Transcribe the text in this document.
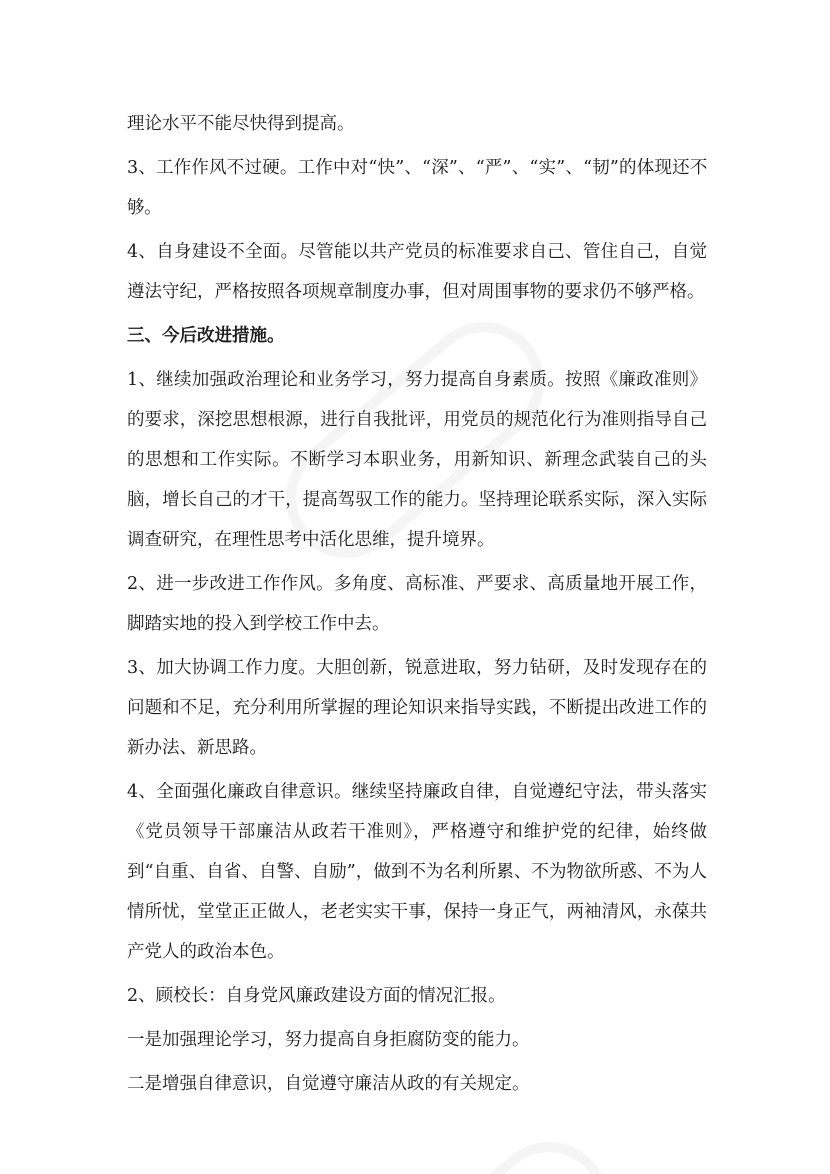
理论水平不能尽快得到提高。

3、工作作风不过硬。工作中对“快”、“深”、“严”、“实”、“韧”的体现还不够。

4、自身建设不全面。尽管能以共产党员的标准要求自己、管住自己，自觉遵法守纪，严格按照各项规章制度办事，但对周围事物的要求仍不够严格。

三、今后改进措施。

1、继续加强政治理论和业务学习，努力提高自身素质。按照《廉政准则》的要求，深挖思想根源，进行自我批评，用党员的规范化行为准则指导自己的思想和工作实际。不断学习本职业务，用新知识、新理念武装自己的头脑，增长自己的才干，提高驾驭工作的能力。坚持理论联系实际，深入实际调查研究，在理性思考中活化思维，提升境界。

2、进一步改进工作作风。多角度、高标准、严要求、高质量地开展工作，脚踏实地的投入到学校工作中去。

3、加大协调工作力度。大胆创新，锐意进取，努力钻研，及时发现存在的问题和不足，充分利用所掌握的理论知识来指导实践，不断提出改进工作的新办法、新思路。

4、全面强化廉政自律意识。继续坚持廉政自律，自觉遵纪守法，带头落实《党员领导干部廉洁从政若干准则》，严格遵守和维护党的纪律，始终做到“自重、自省、自警、自励”，做到不为名利所累、不为物欲所惑、不为人情所忧，堂堂正正做人，老老实实干事，保持一身正气，两袖清风，永葆共产党人的政治本色。

2、顾校长：自身党风廉政建设方面的情况汇报。

一是加强理论学习，努力提高自身拒腐防变的能力。

二是增强自律意识，自觉遵守廉洁从政的有关规定。
